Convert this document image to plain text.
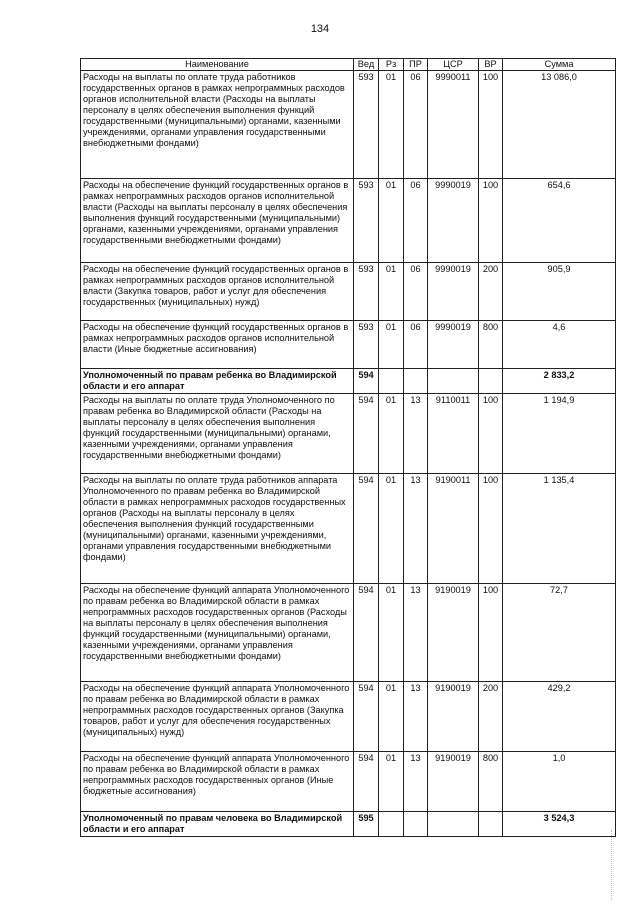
134
Наименование	Вед	Рз	ПР	ЦСР	ВР	Сумма
Расходы на выплаты по оплате труда работников государственных органов в рамках непрограммных расходов органов исполнительной власти (Расходы на выплаты персоналу в целях обеспечения выполнения функций государственными (муниципальными) органами, казенными учреждениями, органами управления государственными внебюджетными фондами)	593	01	06	9990011	100	13 086,0
Расходы на обеспечение функций государственных органов в рамках непрограммных расходов органов исполнительной власти (Расходы на выплаты персоналу в целях обеспечения выполнения функций государственными (муниципальными) органами, казенными учреждениями, органами управления государственными внебюджетными фондами)	593	01	06	9990019	100	654,6
Расходы на обеспечение функций государственных органов в рамках непрограммных расходов органов исполнительной власти (Закупка товаров, работ и услуг для обеспечения государственных (муниципальных) нужд)	593	01	06	9990019	200	905,9
Расходы на обеспечение функций государственных органов в рамках непрограммных расходов органов исполнительной власти (Иные бюджетные ассигнования)	593	01	06	9990019	800	4,6
Уполномоченный по правам ребенка во Владимирской области и его аппарат	594					2 833,2
Расходы на выплаты по оплате труда Уполномоченного по правам ребенка во Владимирской области (Расходы на выплаты персоналу в целях обеспечения выполнения функций государственными (муниципальными) органами, казенными учреждениями, органами управления государственными внебюджетными фондами)	594	01	13	9110011	100	1 194,9
Расходы на выплаты по оплате труда работников аппарата Уполномоченного по правам ребенка во Владимирской области в рамках непрограммных расходов государственных органов (Расходы на выплаты персоналу в целях обеспечения выполнения функций государственными (муниципальными) органами, казенными учреждениями, органами управления государственными внебюджетными фондами)	594	01	13	9190011	100	1 135,4
Расходы на обеспечение функций аппарата Уполномоченного по правам ребенка во Владимирской области в рамках непрограммных расходов государственных органов (Расходы на выплаты персоналу в целях обеспечения выполнения функций государственными (муниципальными) органами, казенными учреждениями, органами управления государственными внебюджетными фондами)	594	01	13	9190019	100	72,7
Расходы на обеспечение функций аппарата Уполномоченного по правам ребенка во Владимирской области в рамках непрограммных расходов государственных органов (Закупка товаров, работ и услуг для обеспечения государственных (муниципальных) нужд)	594	01	13	9190019	200	429,2
Расходы на обеспечение функций аппарата Уполномоченного по правам ребенка во Владимирской области в рамках непрограммных расходов государственных органов (Иные бюджетные ассигнования)	594	01	13	9190019	800	1,0
Уполномоченный по правам человека во Владимирской области и его аппарат	595					3 524,3
